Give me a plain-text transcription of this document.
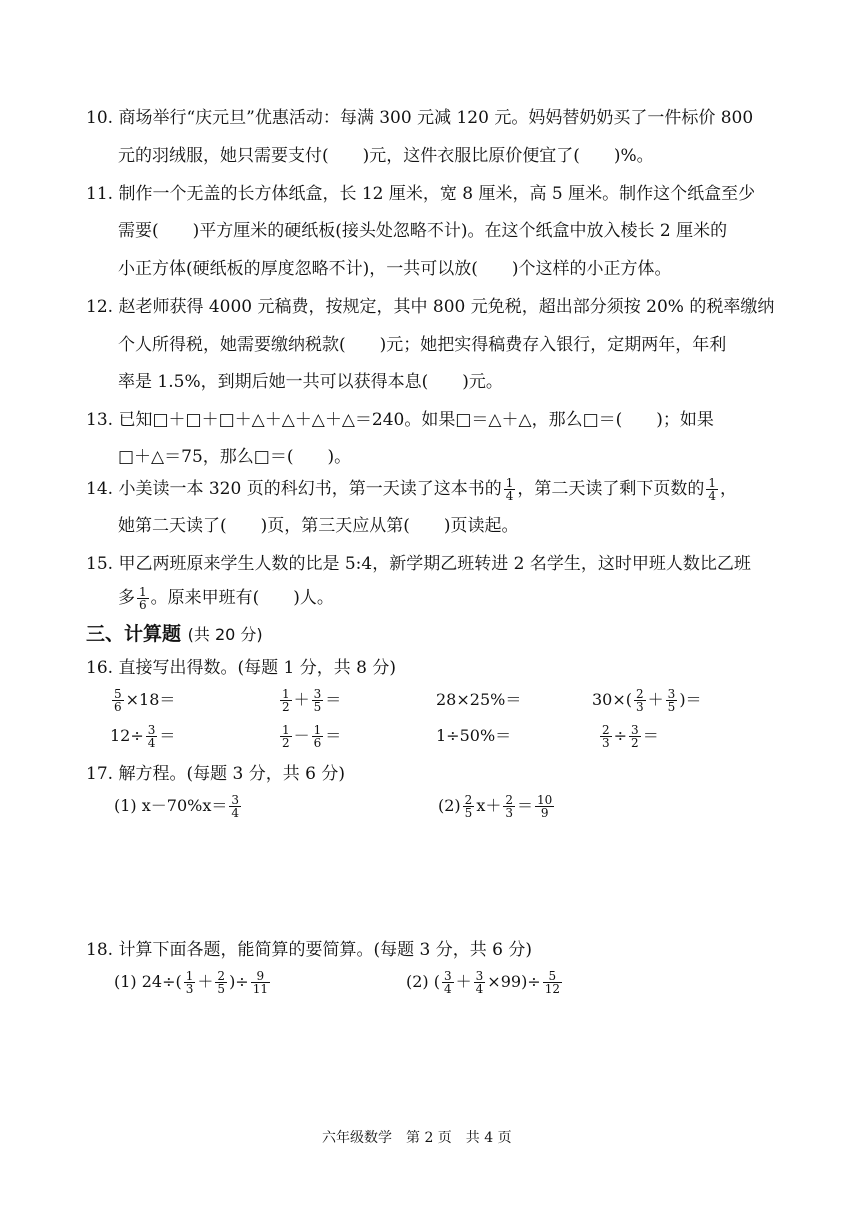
10. 商场举行“庆元旦”优惠活动：每满 300 元减 120 元。妈妈替奶奶买了一件标价 800
元的羽绒服，她只需要支付(　　)元，这件衣服比原价便宜了(　　)%。
11. 制作一个无盖的长方体纸盒，长 12 厘米，宽 8 厘米，高 5 厘米。制作这个纸盒至少
需要(　　)平方厘米的硬纸板(接头处忽略不计)。在这个纸盒中放入棱长 2 厘米的
小正方体(硬纸板的厚度忽略不计)，一共可以放(　　)个这样的小正方体。
12. 赵老师获得 4000 元稿费，按规定，其中 800 元免税，超出部分须按 20% 的税率缴纳
个人所得税，她需要缴纳税款(　　)元；她把实得稿费存入银行，定期两年，年利
率是 1.5%，到期后她一共可以获得本息(　　)元。
13. 已知□＋□＋□＋△＋△＋△＋△＝240。如果□＝△＋△，那么□＝(　　)；如果
□＋△＝75，那么□＝(　　)。
14. 小美读一本 320 页的科幻书，第一天读了这本书的 $\frac{1}{4}$ ，第二天读了剩下页数的 $\frac{1}{4}$ ，
她第二天读了(　　)页，第三天应从第(　　)页读起。
15. 甲乙两班原来学生人数的比是 5:4，新学期乙班转进 2 名学生，这时甲班人数比乙班
多 $\frac{1}{6}$ 。原来甲班有(　　)人。
三、计算题 (共 20 分)
16. 直接写出得数。(每题 1 分，共 8 分)
$\frac{5}{6} \times 18=$	$\frac{1}{2} + \frac{3}{5}$ ＝	28×25%＝	$30\times( \frac{2}{3} + \frac{3}{5}$ )＝
$12\div \frac{3}{4}$ ＝	$\frac{1}{2} - \frac{1}{6}$ ＝	1÷50%＝	$\frac{2}{3} \div \frac{3}{2}$ ＝
17. 解方程。(每题 3 分，共 6 分)
(1) $x-70\%x= \frac{3}{4}$	$(2) \frac{2}{5} x+ \frac{2}{3} = \frac{10}{9}$
18. 计算下面各题，能简算的要简算。(每题 3 分，共 6 分)
(1) $24\div( \frac{1}{3} + \frac{2}{5}$ )÷ $\frac{9}{11}$	(2) ( $\frac{3}{4} + \frac{3}{4} \times 99)\div \frac{5}{12}$
六年级数学　第 2 页　共 4 页
